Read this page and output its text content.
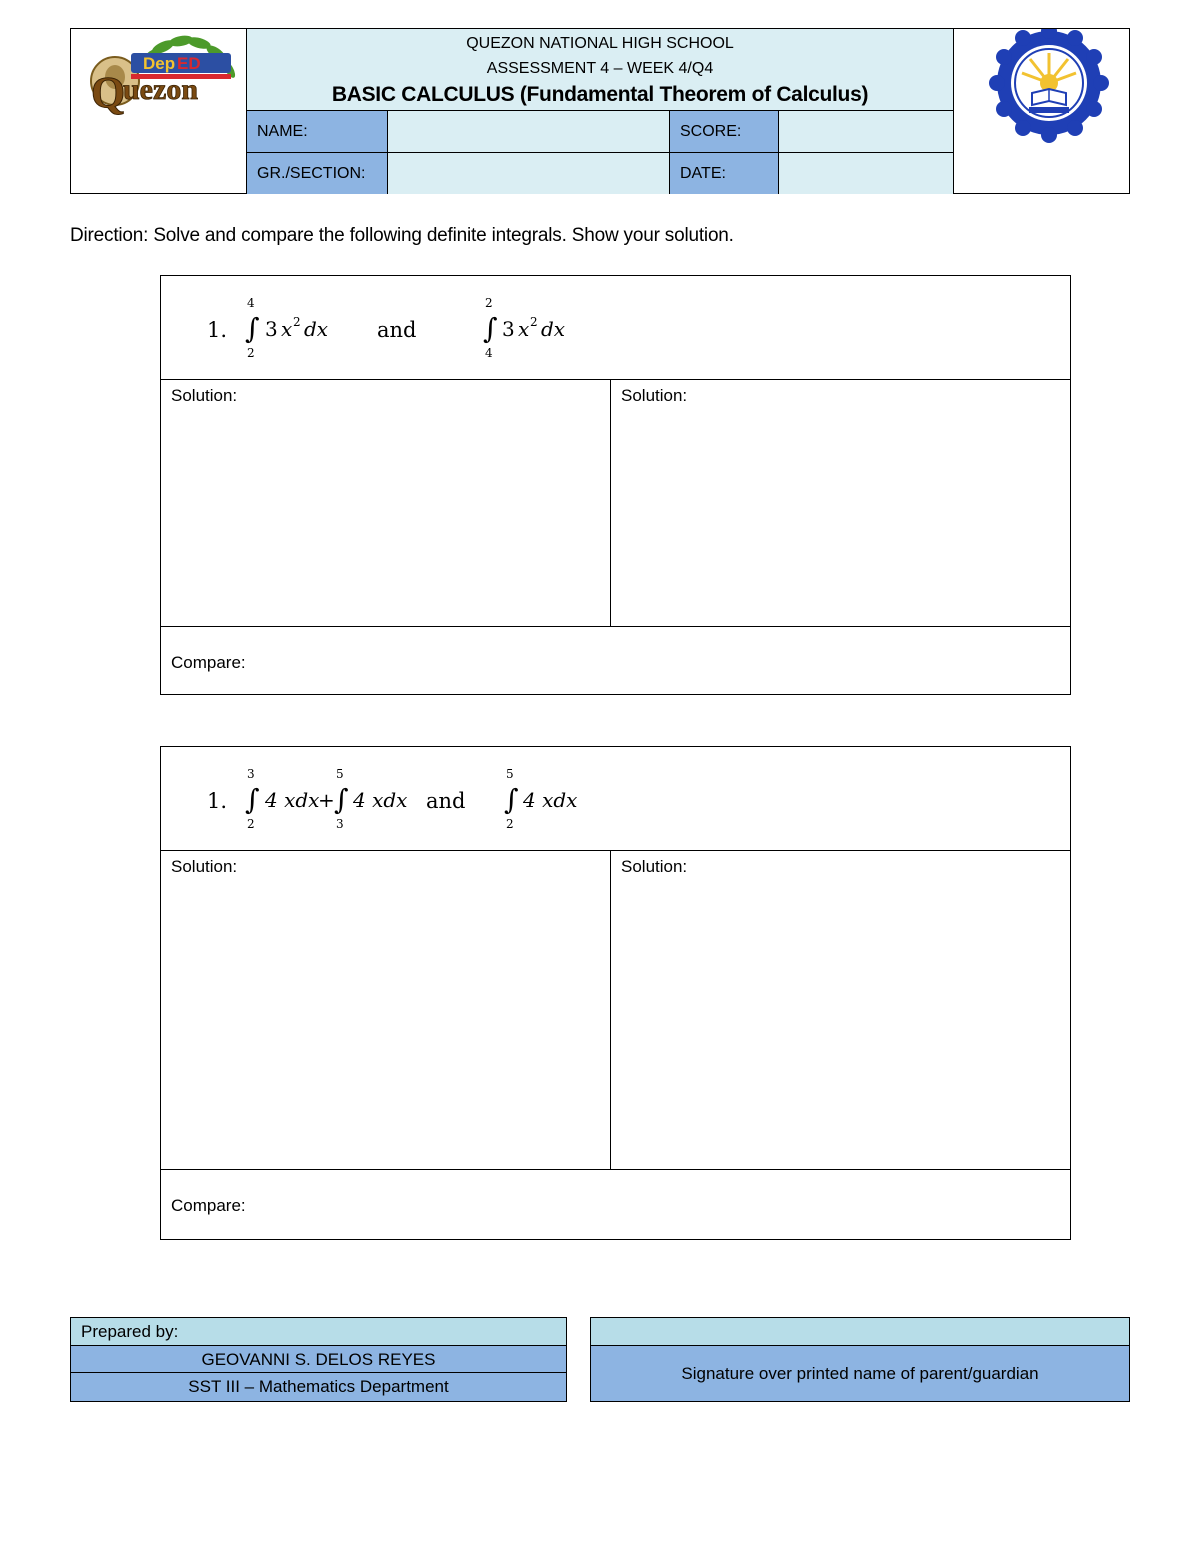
Dep ED
Q
uezon
QUEZON NATIONAL HIGH SCHOOL
ASSESSMENT 4 – WEEK 4/Q4
BASIC CALCULUS (Fundamental Theorem of Calculus)
NAME:	SCORE:
GR./SECTION:	DATE:
Direction: Solve and compare the following definite integrals. Show your solution.
1.
4
∫
2
3 x 2 dx and
2
∫
4
3 x 2 dx
Solution:	Solution:
Compare:
1.
3
∫
2
4 xdx
+
5
∫
3
4 xdx and
5
∫
2
4 xdx
Solution:	Solution:
Compare:
Prepared by:
GEOVANNI S. DELOS REYES
SST III – Mathematics Department
Signature over printed name of parent/guardian
